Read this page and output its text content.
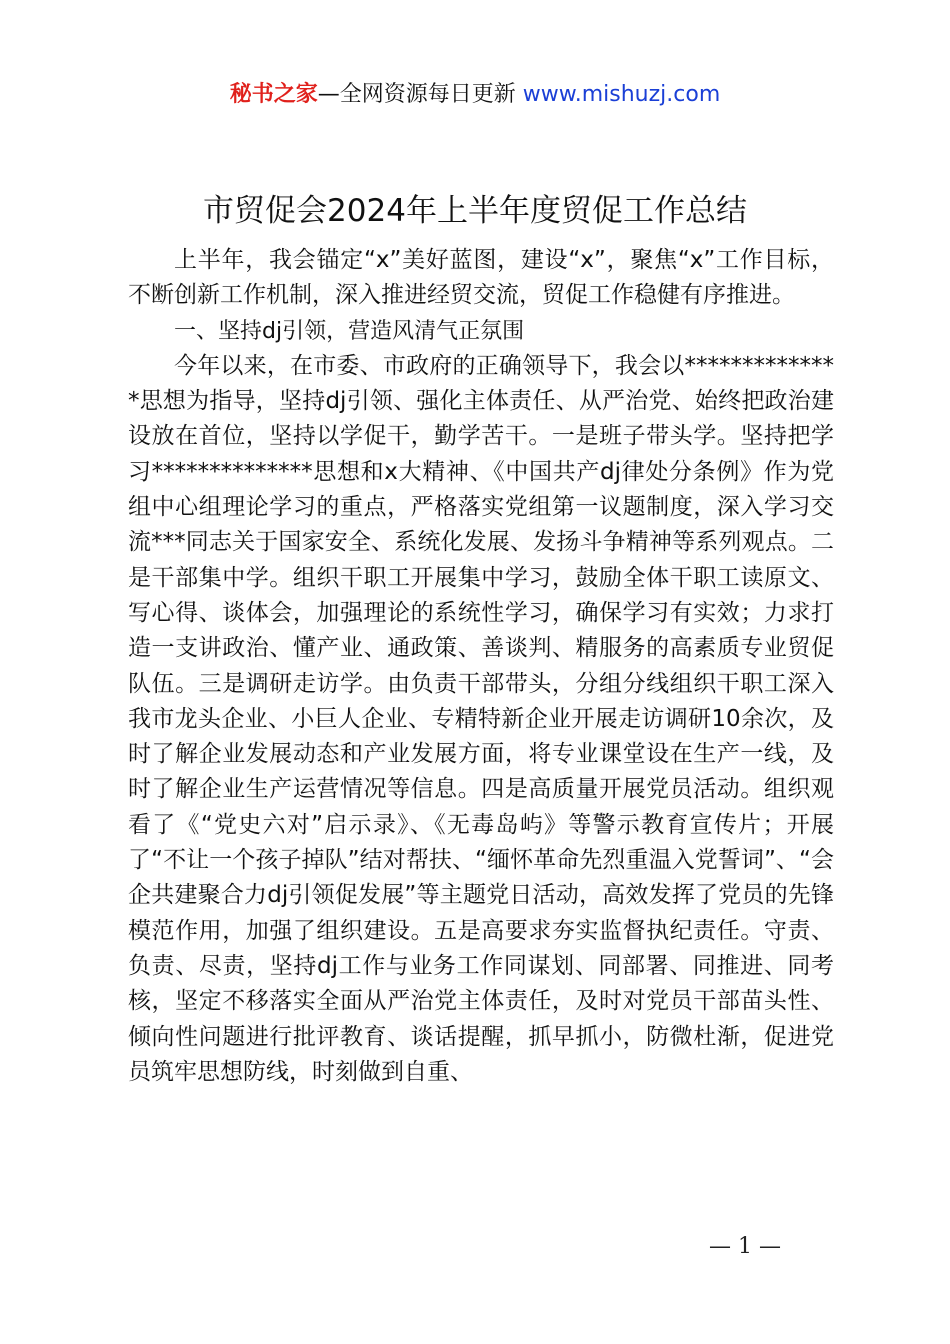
秘书之家—全网资源每日更新 www.mishuzj.com
市贸促会2024年上半年度贸促工作总结

上半年，我会锚定“x”美好蓝图，建设“x”，聚焦“x”工作目标，不断创新工作机制，深入推进经贸交流，贸促工作稳健有序推进。

一、坚持dj引领，营造风清气正氛围

今年以来，在市委、市政府的正确领导下，我会以**************思想为指导，坚持dj引领、强化主体责任、从严治党、始终把政治建设放在首位，坚持以学促干，勤学苦干。一是班子带头学。坚持把学习**************思想和x大精神、《中国共产dj律处分条例》作为党组中心组理论学习的重点，严格落实党组第一议题制度，深入学习交流***同志关于国家安全、系统化发展、发扬斗争精神等系列观点。二是干部集中学。组织干职工开展集中学习，鼓励全体干职工读原文、写心得、谈体会，加强理论的系统性学习，确保学习有实效；力求打造一支讲政治、懂产业、通政策、善谈判、精服务的高素质专业贸促队伍。三是调研走访学。由负责干部带头，分组分线组织干职工深入我市龙头企业、小巨人企业、专精特新企业开展走访调研10余次，及时了解企业发展动态和产业发展方面，将专业课堂设在生产一线，及时了解企业生产运营情况等信息。四是高质量开展党员活动。组织观看了《“党史六对”启示录》、《无毒岛屿》等警示教育宣传片；开展了“不让一个孩子掉队”结对帮扶、“缅怀革命先烈重温入党誓词”、“会企共建聚合力dj引领促发展”等主题党日活动，高效发挥了党员的先锋模范作用，加强了组织建设。五是高要求夯实监督执纪责任。守责、负责、尽责，坚持dj工作与业务工作同谋划、同部署、同推进、同考核，坚定不移落实全面从严治党主体责任，及时对党员干部苗头性、倾向性问题进行批评教育、谈话提醒，抓早抓小，防微杜渐，促进党员筑牢思想防线，时刻做到自重、

— 1 —
